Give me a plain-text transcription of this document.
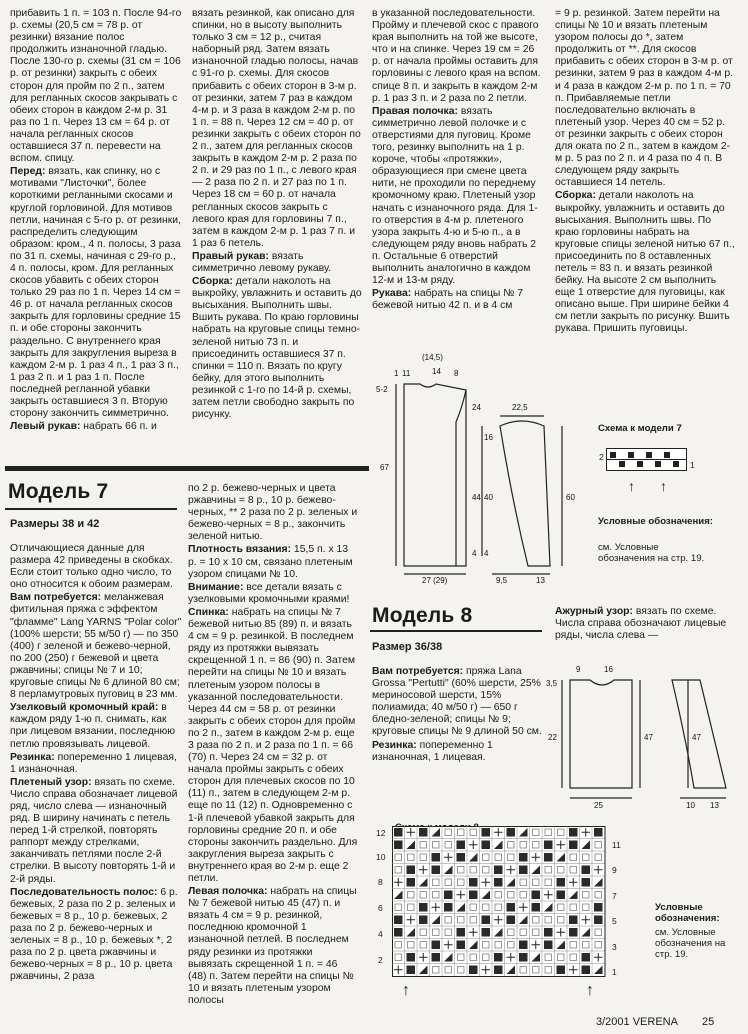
прибавить 1 п. = 103 п. После 94-го р. схемы (20,5 см = 78 р. от резинки) вязание полос продолжить изнаночной гладью. После 130-го р. схемы (31 см = 106 р. от резинки) закрыть с обеих сторон для пройм по 2 п., затем для регланных скосов закрывать с обеих сторон в каждом 2-м р. 31 раз по 1 п. Через 13 см = 64 р. от начала регланных скосов оставшиеся 37 п. перевести на вспом. спицу.

Перед: вязать, как спинку, но с мотивами "Листочки", более короткими регланными скосами и круглой горловиной. Для мотивов петли, начиная с 5-го р. от резинки, распределить следующим образом: кром., 4 п. полосы, 3 раза по 31 п. схемы, начиная с 29-го р., 4 п. полосы, кром. Для регланных скосов убавить с обеих сторон только 29 раз по 1 п. Через 14 см = 46 р. от начала регланных скосов закрыть для горловины средние 15 п. и обе стороны закончить раздельно. С внутреннего края закрыть для закругления выреза в каждом 2-м р. 1 раз 4 п., 1 раз 3 п., 1 раз 2 п. и 1 раз 1 п. После последней регланной убавки закрыть оставшиеся 3 п. Вторую сторону закончить симметрично.

Левый рукав: набрать 66 п. и

вязать резинкой, как описано для спинки, но в высоту выполнить только 3 см = 12 р., считая наборный ряд. Затем вязать изнаночной гладью полосы, начав с 91-го р. схемы. Для скосов прибавить с обеих сторон в 3-м р. от резинки, затем 7 раз в каждом 4-м р. и 3 раза в каждом 2-м р. по 1 п. = 88 п. Через 12 см = 40 р. от резинки закрыть с обеих сторон по 2 п., затем для регланных скосов закрыть в каждом 2-м р. 2 раза по 2 п. и 29 раз по 1 п., с левого края — 2 раза по 2 п. и 27 раз по 1 п. Через 18 см = 60 р. от начала регланных скосов закрыть с левого края для горловины 7 п., затем в каждом 2-м р. 1 раз 7 п. и 1 раз 6 петель.

Правый рукав: вязать симметрично левому рукаву.

Сборка: детали наколоть на выкройку, увлажнить и оставить до высыхания. Выполнить швы. Вшить рукава. По краю горловины набрать на круговые спицы темно-зеленой нитью 73 п. и присоединить оставшиеся 37 п. спинки = 110 п. Вязать по кругу бейку, для этого выполнить резинкой с 1-го по 14-й р. схемы, затем петли свободно закрыть по рисунку.

в указанной последовательности. Пройму и плечевой скос с правого края выполнить на той же высоте, что и на спинке. Через 19 см = 26 р. от начала проймы оставить для горловины с левого края на вспом. спице 8 п. и закрыть в каждом 2-м р. 1 раз 3 п. и 2 раза по 2 петли.

Правая полочка: вязать симметрично левой полочке и с отверстиями для пуговиц. Кроме того, резинку выполнить на 1 р. короче, чтобы «протяжки», образующиеся при смене цвета нити, не проходили по переднему кромочному краю. Плетеный узор начать с изнаночного ряда. Для 1-го отверстия в 4-м р. плетеного узора закрыть 4-ю и 5-ю п., а в следующем ряду вновь набрать 2 п. Остальные 6 отверстий выполнить аналогично в каждом 12-м и 13-м ряду.

Рукава: набрать на спицы № 7 бежевой нитью 42 п. и в 4 см

= 9 р. резинкой. Затем перейти на спицы № 10 и вязать плетеным узором полосы до *, затем продолжить от **. Для скосов прибавить с обеих сторон в 3-м р. от резинки, затем 9 раз в каждом 4-м р. и 4 раза в каждом 2-м р. по 1 п. = 70 п. Прибавляемые петли последовательно включать в плетеный узор. Через 40 см = 52 р. от резинки закрыть с обеих сторон для оката по 2 п., затем в каждом 2-м р. 5 раз по 2 п. и 4 раза по 4 п. В следующем ряду закрыть оставшиеся 14 петель.

Сборка: детали наколоть на выкройку, увлажнить и оставить до высыхания. Выполнить швы. По краю горловины набрать на круговые спицы зеленой нитью 67 п., присоединить по 8 оставленных петель = 83 п. и вязать резинкой бейку. На высоте 2 см выполнить еще 1 отверстие для пуговицы, как описано выше. При ширине бейки 4 см петли закрыть по рисунку. Вшить рукава. Пришить пуговицы.

Модель 7
Размеры 38 и 42

Отличающиеся данные для размера 42 приведены в скобках. Если стоит только одно число, то оно относится к обоим размерам.

Вам потребуется: меланжевая фитильная пряжа с эффектом "фламме" Lang YARNS "Polar color" (100% шерсти; 55 м/50 г) — по 350 (400) г зеленой и бежево-черной, по 200 (250) г бежевой и цвета ржавчины; спицы № 7 и 10; круговые спицы № 6 длиной 80 см; 8 перламутровых пуговиц в 23 мм.

Узелковый кромочный край: в каждом ряду 1-ю п. снимать, как при лицевом вязании, последнюю петлю провязывать лицевой.

Резинка: попеременно 1 лицевая, 1 изнаночная.

Плетеный узор: вязать по схеме. Число справа обозначает лицевой ряд, число слева — изнаночный ряд. В ширину начинать с петель перед 1-й стрелкой, повторять раппорт между стрелками, заканчивать петлями после 2-й стрелки. В высоту повторять 1-й и 2-й ряды.

Последовательность полос: 6 р. бежевых, 2 раза по 2 р. зеленых и бежевых = 8 р., 10 р. бежевых, 2 раза по 2 р. бежево-черных и зеленых = 8 р., 10 р. бежевых *, 2 раза по 2 р. цвета ржавчины и бежево-черных = 8 р., 10 р. цвета ржавчины, 2 раза

по 2 р. бежево-черных и цвета ржавчины = 8 р., 10 р. бежево-черных, ** 2 раза по 2 р. зеленых и бежево-черных = 8 р., закончить зеленой нитью.

Плотность вязания: 15,5 п. х 13 р. = 10 х 10 см, связано плетеным узором спицами № 10.

Внимание: все детали вязать с узелковыми кромочными краями!

Спинка: набрать на спицы № 7 бежевой нитью 85 (89) п. и вязать 4 см = 9 р. резинкой. В последнем ряду из протяжки вывязать скрещенной 1 п. = 86 (90) п. Затем перейти на спицы № 10 и вязать плетеным узором полосы в указанной последовательности. Через 44 см = 58 р. от резинки закрыть с обеих сторон для пройм по 2 п., затем в каждом 2-м р. еще 3 раза по 2 п. и 2 раза по 1 п. = 66 (70) п. Через 24 см = 32 р. от начала проймы закрыть с обеих сторон для плечевых скосов по 10 (11) п., затем в следующем 2-м р. еще по 11 (12) п. Одновременно с 1-й плечевой убавкой закрыть для горловины средние 20 п. и обе стороны закончить раздельно. Для закругления выреза закрыть с внутреннего края во 2-м р. еще 2 петли.

Левая полочка: набрать на спицы № 7 бежевой нитью 45 (47) п. и вязать 4 см = 9 р. резинкой, последнюю кромочной 1 изнаночной петлей. В последнем ряду резинки из протяжки вывязать скрещенной 1 п. = 46 (48) п. Затем перейти на спицы № 10 и вязать плетеным узором полосы

(14,5)
14
11	8
1
5-2
24
67
44
4
27 (29)
22,5
16
40	60
4
9,5	13
Схема к модели 7
2
1
↑ ↑
Условные обозначения:
см. Условные обозначения на стр. 19.
Модель 8
Размер 36/38

Вам потребуется: пряжа Lana Grossa "Pertutti" (60% шерсти, 25% мериносовой шерсти, 15% полиамида; 40 м/50 г) — 650 г бледно-зеленой; спицы № 9; круговые спицы № 9 длиной 50 см.

Резинка: попеременно 1 изнаночная, 1 лицевая.

Ажурный узор: вязать по схеме. Числа справа обозначают лицевые ряды, числа слева —

9	16
3,5
22	47
25
47
10 13
12
10
8
6
4
2
11
9
7
5
3
1
↑	↑
Условные обозначения:
см. Условные обозначения на стр. 19.
3/2001 VERENA 25
